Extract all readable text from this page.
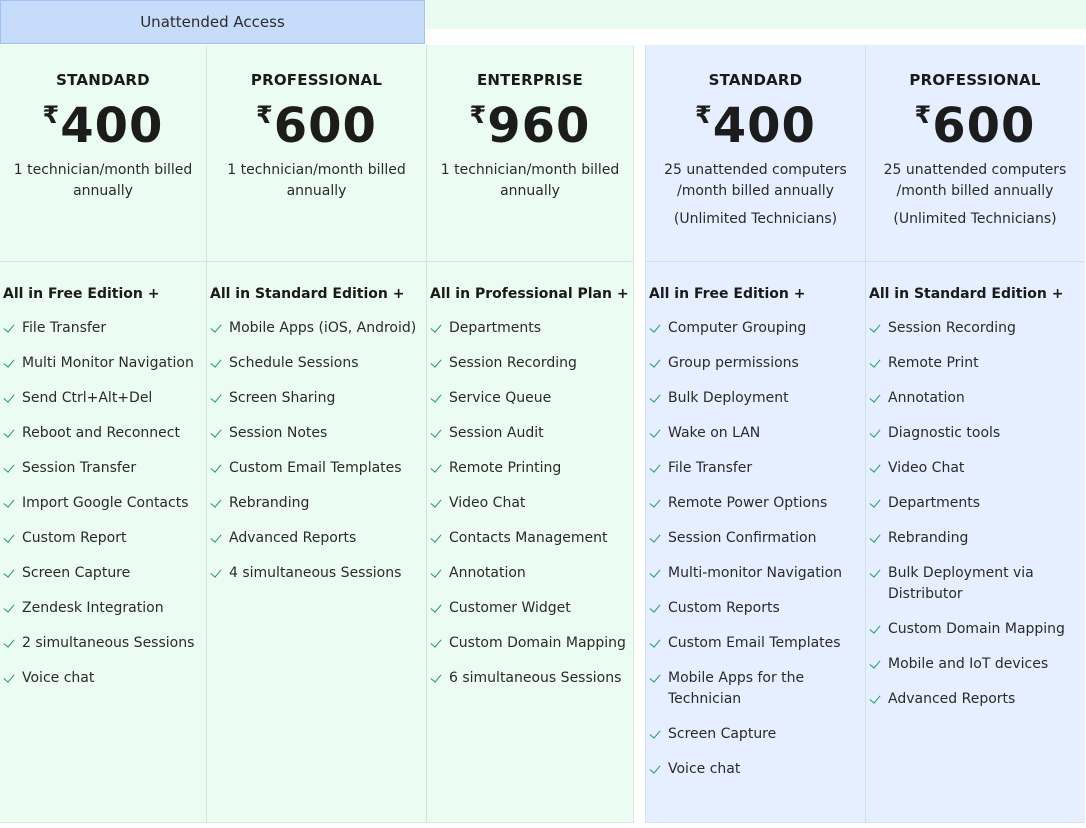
Unattended Access
STANDARD
₹ 400
1 technician/month billed annually
All in Free Edition +
File Transfer
Multi Monitor Navigation
Send Ctrl+Alt+Del
Reboot and Reconnect
Session Transfer
Import Google Contacts
Custom Report
Screen Capture
Zendesk Integration
2 simultaneous Sessions
Voice chat
PROFESSIONAL
₹ 600
1 technician/month billed annually
All in Standard Edition +
Mobile Apps (iOS, Android)
Schedule Sessions
Screen Sharing
Session Notes
Custom Email Templates
Rebranding
Advanced Reports
4 simultaneous Sessions
ENTERPRISE
₹ 960
1 technician/month billed annually
All in Professional Plan +
Departments
Session Recording
Service Queue
Session Audit
Remote Printing
Video Chat
Contacts Management
Annotation
Customer Widget
Custom Domain Mapping
6 simultaneous Sessions
STANDARD
₹ 400
25 unattended computers /month billed annually
(Unlimited Technicians)
All in Free Edition +
Computer Grouping
Group permissions
Bulk Deployment
Wake on LAN
File Transfer
Remote Power Options
Session Confirmation
Multi-monitor Navigation
Custom Reports
Custom Email Templates
Mobile Apps for the Technician
Screen Capture
Voice chat
PROFESSIONAL
₹ 600
25 unattended computers /month billed annually
(Unlimited Technicians)
All in Standard Edition +
Session Recording
Remote Print
Annotation
Diagnostic tools
Video Chat
Departments
Rebranding
Bulk Deployment via Distributor
Custom Domain Mapping
Mobile and IoT devices
Advanced Reports
